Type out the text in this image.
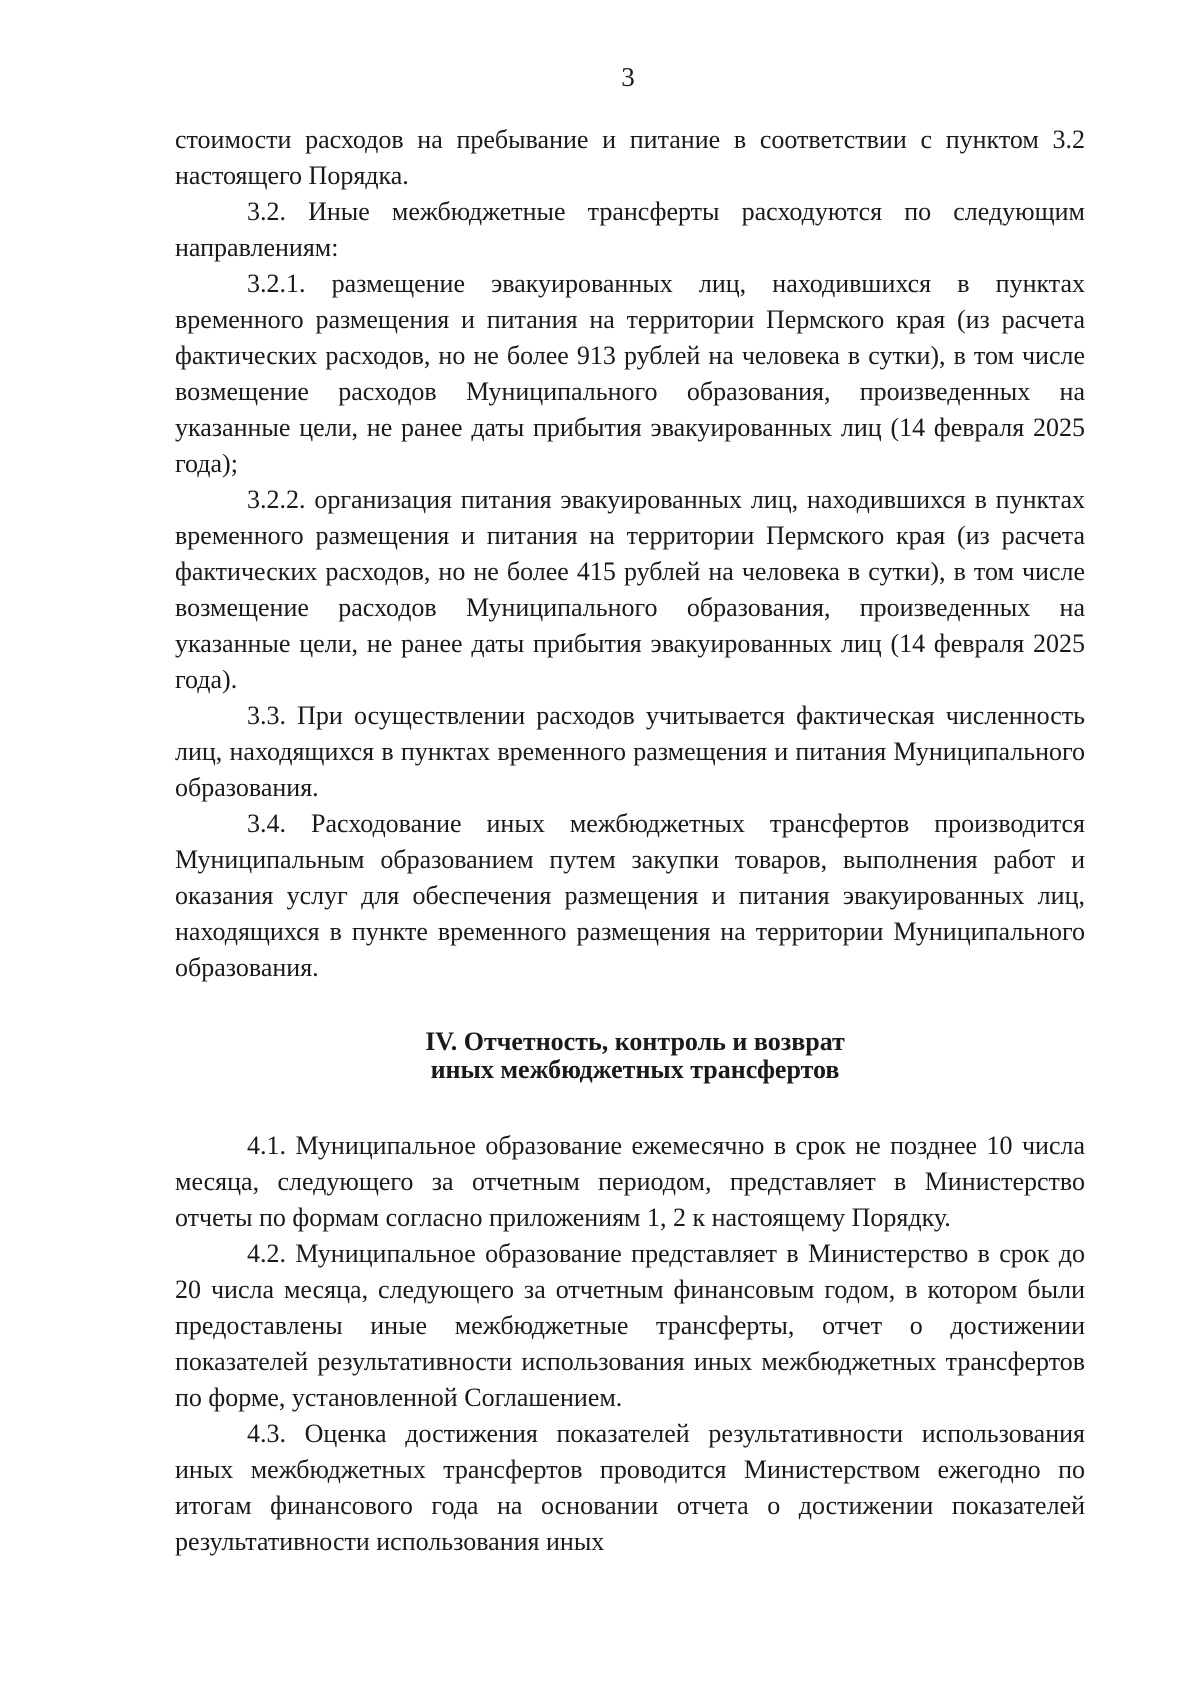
3

стоимости расходов на пребывание и питание в соответствии с пунктом 3.2 настоящего Порядка.

3.2. Иные межбюджетные трансферты расходуются по следующим направлениям:

3.2.1. размещение эвакуированных лиц, находившихся в пунктах временного размещения и питания на территории Пермского края (из расчета фактических расходов, но не более 913 рублей на человека в сутки), в том числе возмещение расходов Муниципального образования, произведенных на указанные цели, не ранее даты прибытия эвакуированных лиц (14 февраля 2025 года);

3.2.2. организация питания эвакуированных лиц, находившихся в пунктах временного размещения и питания на территории Пермского края (из расчета фактических расходов, но не более 415 рублей на человека в сутки), в том числе возмещение расходов Муниципального образования, произведенных на указанные цели, не ранее даты прибытия эвакуированных лиц (14 февраля 2025 года).

3.3. При осуществлении расходов учитывается фактическая численность лиц, находящихся в пунктах временного размещения и питания Муниципального образования.

3.4. Расходование иных межбюджетных трансфертов производится Муниципальным образованием путем закупки товаров, выполнения работ и оказания услуг для обеспечения размещения и питания эвакуированных лиц, находящихся в пункте временного размещения на территории Муниципального образования.

IV. Отчетность, контроль и возврат
иных межбюджетных трансфертов

4.1. Муниципальное образование ежемесячно в срок не позднее 10 числа месяца, следующего за отчетным периодом, представляет в Министерство отчеты по формам согласно приложениям 1, 2 к настоящему Порядку.

4.2. Муниципальное образование представляет в Министерство в срок до 20 числа месяца, следующего за отчетным финансовым годом, в котором были предоставлены иные межбюджетные трансферты, отчет о достижении показателей результативности использования иных межбюджетных трансфертов по форме, установленной Соглашением.

4.3. Оценка достижения показателей результативности использования иных межбюджетных трансфертов проводится Министерством ежегодно по итогам финансового года на основании отчета о достижении показателей результативности использования иных
